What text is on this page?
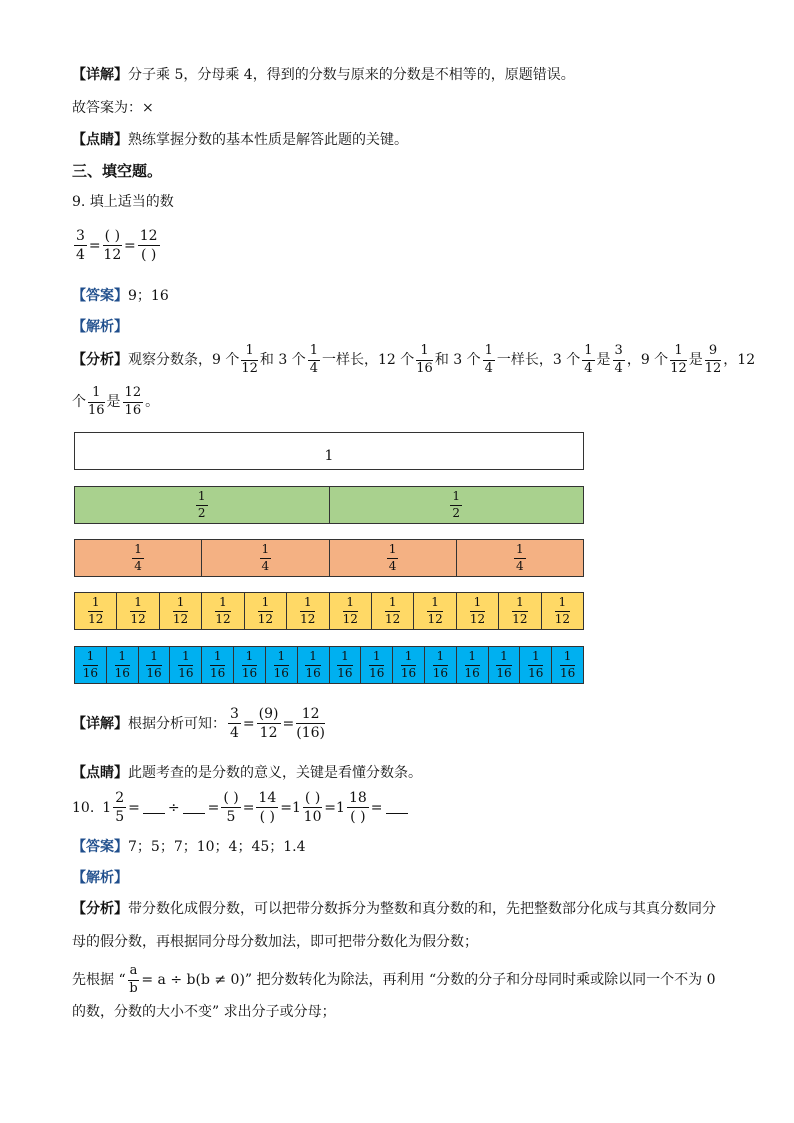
【详解】分子乘 5，分母乘 4，得到的分数与原来的分数是不相等的，原题错误。
故答案为：×
【点睛】熟练掌握分数的基本性质是解答此题的关键。
三、填空题。
9. 填上适当的数
$\frac{3}{4} = \frac{( )}{12} = \frac{12}{( )}$
【答案】9；16
【解析】
【分析】 观察分数条，9 个 $\frac{1}{12}$ 和 3 个 $\frac{1}{4}$ 一样长，12 个 $\frac{1}{16}$ 和 3 个 $\frac{1}{4}$ 一样长，3 个 $\frac{1}{4}$ 是 $\frac{3}{4}$ ，9 个 $\frac{1}{12}$ 是 $\frac{9}{12}$ ，12
个 $\frac{1}{16}$ 是 $\frac{12}{16}$ 。
1
$\frac{1}{2}$	$\frac{1}{2}$
$\frac{1}{4}$	$\frac{1}{4}$	$\frac{1}{4}$	$\frac{1}{4}$
$\frac{1}{12} \frac{1}{12} \frac{1}{12} \frac{1}{12} \frac{1}{12} \frac{1}{12} \frac{1}{12} \frac{1}{12} \frac{1}{12} \frac{1}{12} \frac{1}{12} \frac{1}{12}$
$\frac{1}{16} \frac{1}{16} \frac{1}{16} \frac{1}{16} \frac{1}{16} \frac{1}{16} \frac{1}{16} \frac{1}{16} \frac{1}{16} \frac{1}{16} \frac{1}{16} \frac{1}{16} \frac{1}{16} \frac{1}{16} \frac{1}{16} \frac{1}{16}$
【详解】 根据分析可知： $\frac{3}{4} = \frac{(9)}{12} = \frac{12}{(16)}$
【点睛】此题考查的是分数的意义，关键是看懂分数条。
10. $1 \frac{2}{5}$ = ÷ = $\frac{( )}{5} = \frac{14}{( )} = 1 \frac{( )}{10} = 1 \frac{18}{( )}$ =
【答案】7；5；7；10；4；45；1.4
【解析】
【分析】带分数化成假分数，可以把带分数拆分为整数和真分数的和，先把整数部分化成与其真分数同分
母的假分数，再根据同分母分数加法，即可把带分数化为假分数；
先根据 “ $\frac{a}{b} = a \div b(b \ne 0)$ ” 把分数转化为除法，再利用 “分数的分子和分母同时乘或除以同一个不为 0
的数，分数的大小不变” 求出分子或分母；
